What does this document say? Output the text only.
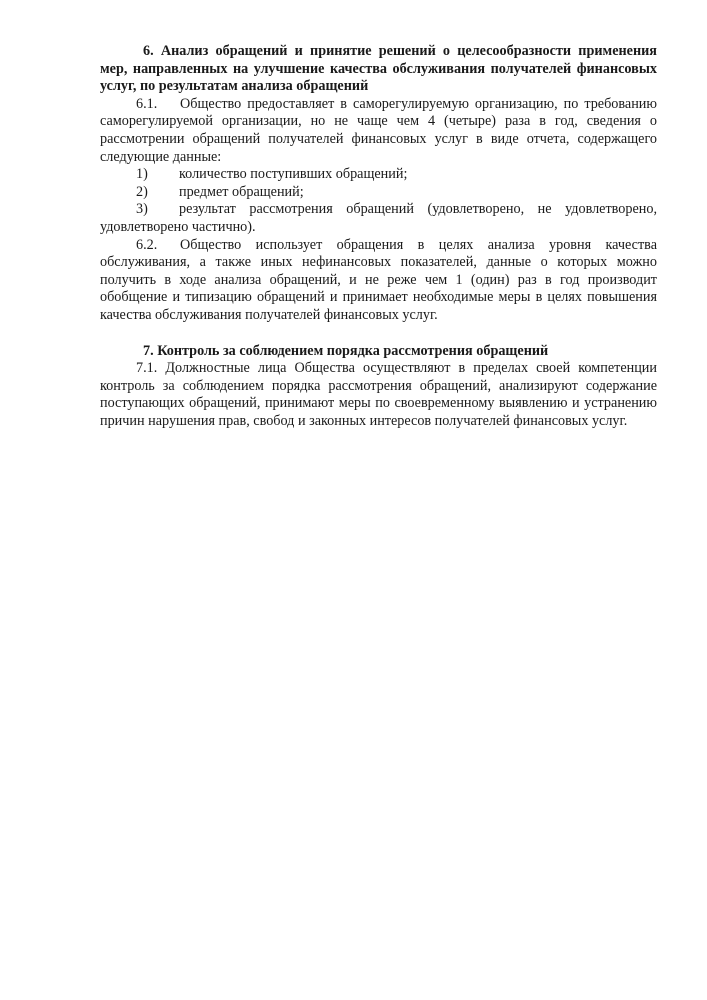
6. Анализ обращений и принятие решений о целесообразности применения мер, направленных на улучшение качества обслуживания получателей финансовых услуг, по результатам анализа обращений

6.1. Общество предоставляет в саморегулируемую организацию, по требованию саморегулируемой организации, но не чаще чем 4 (четыре) раза в год, сведения о рассмотрении обращений получателей финансовых услуг в виде отчета, содержащего следующие данные:

1) количество поступивших обращений;

2) предмет обращений;

3) результат рассмотрения обращений (удовлетворено, не удовлетворено, удовлетворено частично).

6.2. Общество использует обращения в целях анализа уровня качества обслуживания, а также иных нефинансовых показателей, данные о которых можно получить в ходе анализа обращений, и не реже чем 1 (один) раз в год производит обобщение и типизацию обращений и принимает необходимые меры в целях повышения качества обслуживания получателей финансовых услуг.

7. Контроль за соблюдением порядка рассмотрения обращений

7.1. Должностные лица Общества осуществляют в пределах своей компетенции контроль за соблюдением порядка рассмотрения обращений, анализируют содержание поступающих обращений, принимают меры по своевременному выявлению и устранению причин нарушения прав, свобод и законных интересов получателей финансовых услуг.
